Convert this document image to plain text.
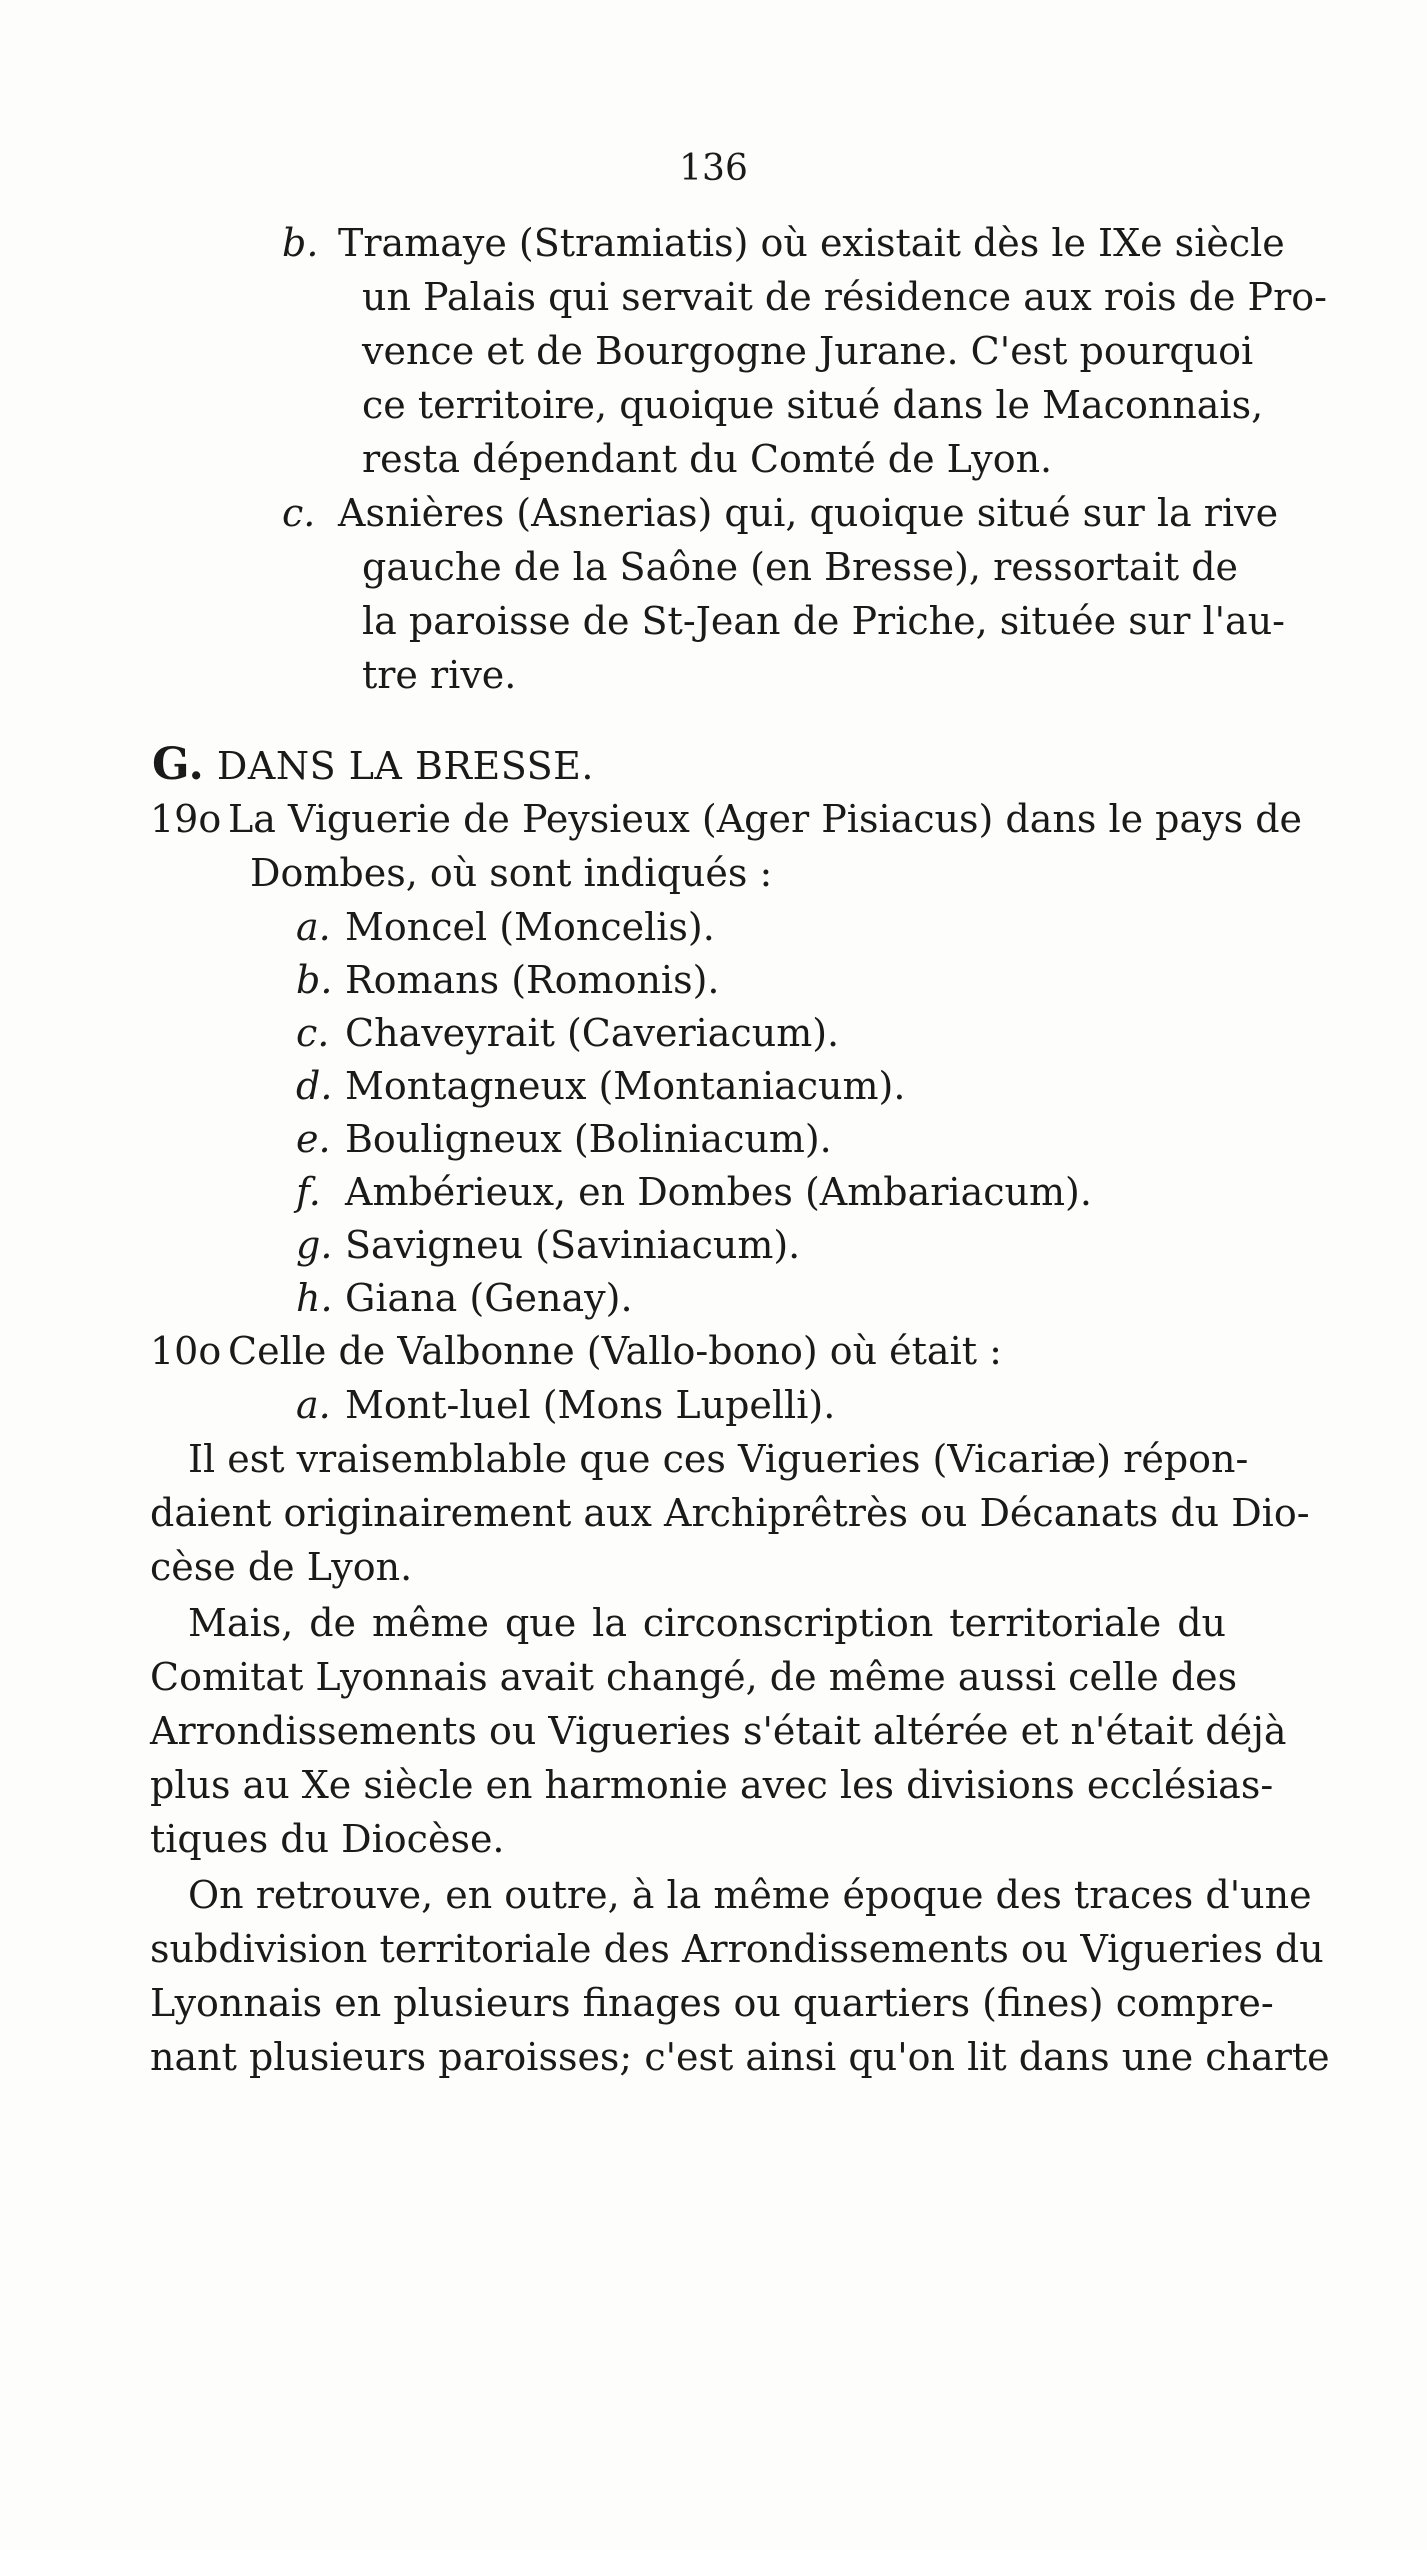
136
b. Tramaye (Stramiatis) où existait dès le IXe siècle
un Palais qui servait de résidence aux rois de Pro-
vence et de Bourgogne Jurane. C'est pourquoi
ce territoire, quoique situé dans le Maconnais,
resta dépendant du Comté de Lyon.
c. Asnières (Asnerias) qui, quoique situé sur la rive
gauche de la Saône (en Bresse), ressortait de
la paroisse de St-Jean de Priche, située sur l'au-
tre rive.
G. DANS LA BRESSE.
19o La Viguerie de Peysieux (Ager Pisiacus) dans le pays de
Dombes, où sont indiqués :
a. Moncel (Moncelis).
b. Romans (Romonis).
c. Chaveyrait (Caveriacum).
d. Montagneux (Montaniacum).
e. Bouligneux (Boliniacum).
f. Ambérieux, en Dombes (Ambariacum).
g. Savigneu (Saviniacum).
h. Giana (Genay).
10o Celle de Valbonne (Vallo-bono) où était :
a. Mont-luel (Mons Lupelli).
Il est vraisemblable que ces Vigueries (Vicariæ) répon-
daient originairement aux Archiprêtrès ou Décanats du Dio-
cèse de Lyon.
Mais, de même que la circonscription territoriale du
Comitat Lyonnais avait changé, de même aussi celle des
Arrondissements ou Vigueries s'était altérée et n'était déjà
plus au Xe siècle en harmonie avec les divisions ecclésias-
tiques du Diocèse.
On retrouve, en outre, à la même époque des traces d'une
subdivision territoriale des Arrondissements ou Vigueries du
Lyonnais en plusieurs finages ou quartiers (fines) compre-
nant plusieurs paroisses; c'est ainsi qu'on lit dans une charte
